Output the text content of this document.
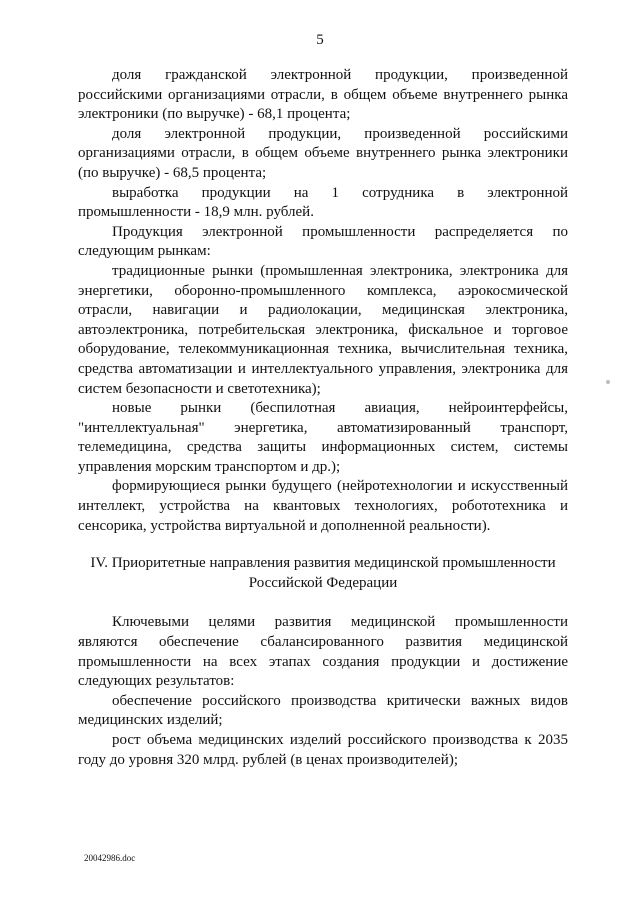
5

доля гражданской электронной продукции, произведенной российскими организациями отрасли, в общем объеме внутреннего рынка электроники (по выручке) - 68,1 процента;

доля электронной продукции, произведенной российскими организациями отрасли, в общем объеме внутреннего рынка электроники (по выручке) - 68,5 процента;

выработка продукции на 1 сотрудника в электронной промышленности - 18,9 млн. рублей.

Продукция электронной промышленности распределяется по следующим рынкам:

традиционные рынки (промышленная электроника, электроника для энергетики, оборонно-промышленного комплекса, аэрокосмической отрасли, навигации и радиолокации, медицинская электроника, автоэлектроника, потребительская электроника, фискальное и торговое оборудование, телекоммуникационная техника, вычислительная техника, средства автоматизации и интеллектуального управления, электроника для систем безопасности и светотехника);

новые рынки (беспилотная авиация, нейроинтерфейсы, "интеллектуальная" энергетика, автоматизированный транспорт, телемедицина, средства защиты информационных систем, системы управления морским транспортом и др.);

формирующиеся рынки будущего (нейротехнологии и искусственный интеллект, устройства на квантовых технологиях, робототехника и сенсорика, устройства виртуальной и дополненной реальности).

IV. Приоритетные направления развития медицинской промышленности
Российской Федерации

Ключевыми целями развития медицинской промышленности являются обеспечение сбалансированного развития медицинской промышленности на всех этапах создания продукции и достижение следующих результатов:

обеспечение российского производства критически важных видов медицинских изделий;

рост объема медицинских изделий российского производства к 2035 году до уровня 320 млрд. рублей (в ценах производителей);

20042986.doc
